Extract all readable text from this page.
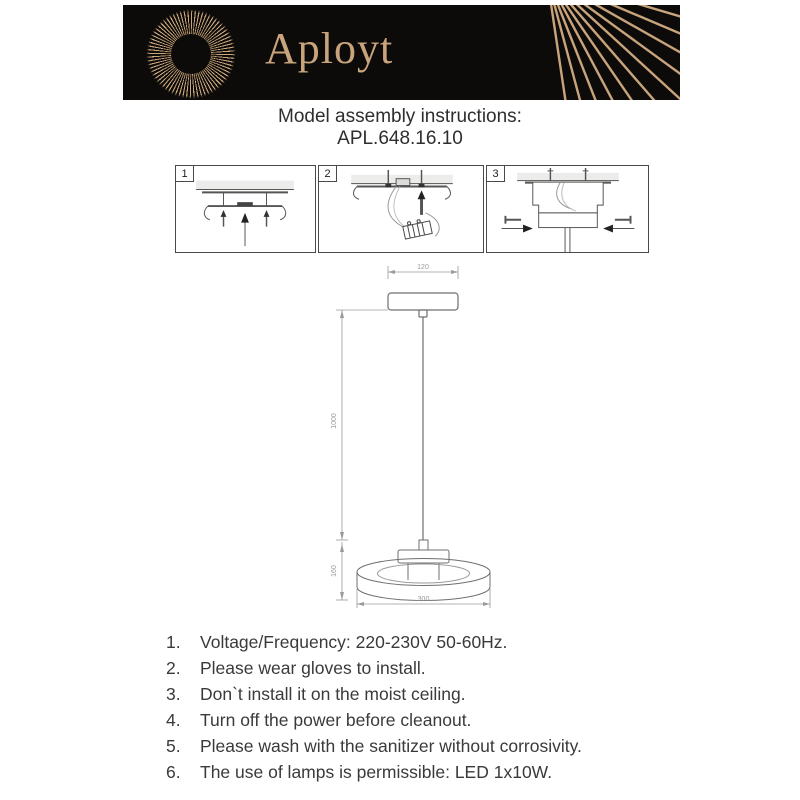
Aployt
Model assembly instructions:
APL.648.16.10
1	2	3
120
1000
160
300
1.	Voltage/Frequency: 220-230V 50-60Hz.
2.	Please wear gloves to install.
3.	Don`t install it on the moist ceiling.
4.	Turn off the power before cleanout.
5.	Please wash with the sanitizer without corrosivity.
6.	The use of lamps is permissible: LED 1x10W.
